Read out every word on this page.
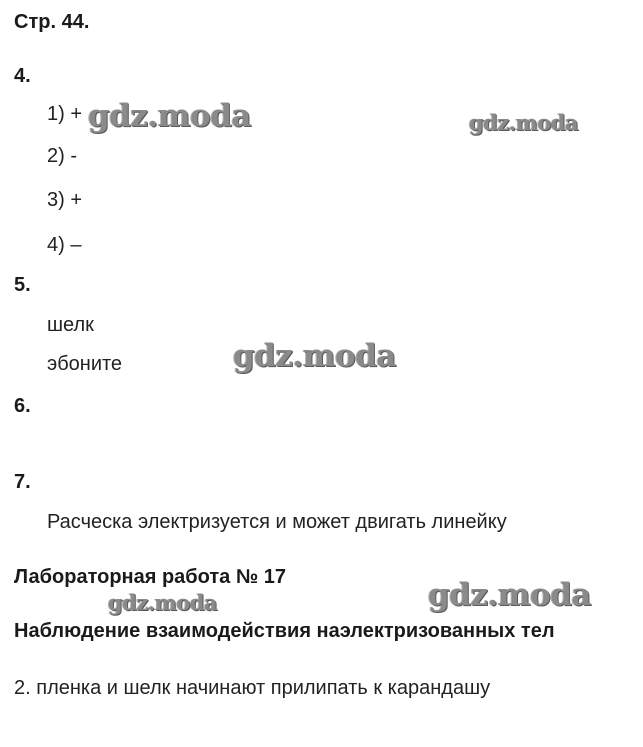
Стр. 44.
4.
1) +
2) -
3) +
4) –
5.
шелк
эбоните
6.
7.
Расческа электризуется и может двигать линейку
Лабораторная работа № 17
Наблюдение взаимодействия наэлектризованных тел
2. пленка и шелк начинают прилипать к карандашу
gdz.moda	gdz.moda
gdz.moda
gdz.moda	gdz.moda
